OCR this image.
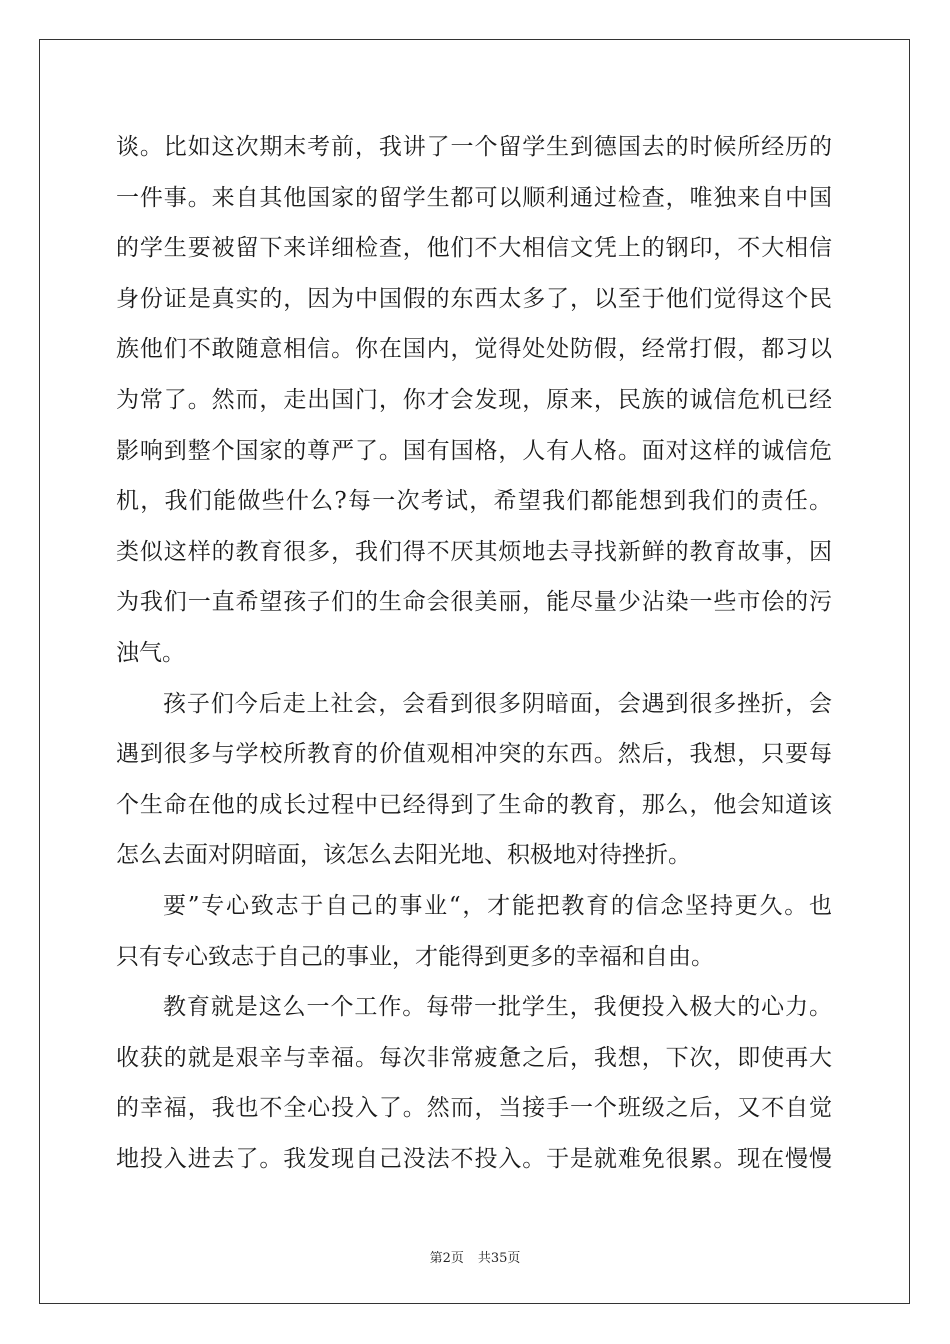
谈。比如这次期末考前，我讲了一个留学生到德国去的时候所经历的
一件事。来自其他国家的留学生都可以顺利通过检查，唯独来自中国
的学生要被留下来详细检查，他们不大相信文凭上的钢印，不大相信
身份证是真实的，因为中国假的东西太多了，以至于他们觉得这个民
族他们不敢随意相信。你在国内，觉得处处防假，经常打假，都习以
为常了。然而，走出国门，你才会发现，原来，民族的诚信危机已经
影响到整个国家的尊严了。国有国格，人有人格。面对这样的诚信危
机，我们能做些什么?每一次考试，希望我们都能想到我们的责任。
类似这样的教育很多，我们得不厌其烦地去寻找新鲜的教育故事，因
为我们一直希望孩子们的生命会很美丽，能尽量少沾染一些市侩的污
浊气。
孩子们今后走上社会，会看到很多阴暗面，会遇到很多挫折，会
遇到很多与学校所教育的价值观相冲突的东西。然后，我想，只要每
个生命在他的成长过程中已经得到了生命的教育，那么，他会知道该
怎么去面对阴暗面，该怎么去阳光地、积极地对待挫折。
要”专心致志于自己的事业“，才能把教育的信念坚持更久。也
只有专心致志于自己的事业，才能得到更多的幸福和自由。
教育就是这么一个工作。每带一批学生，我便投入极大的心力。
收获的就是艰辛与幸福。每次非常疲惫之后，我想，下次，即使再大
的幸福，我也不全心投入了。然而，当接手一个班级之后，又不自觉
地投入进去了。我发现自己没法不投入。于是就难免很累。现在慢慢
第2页 共35页
